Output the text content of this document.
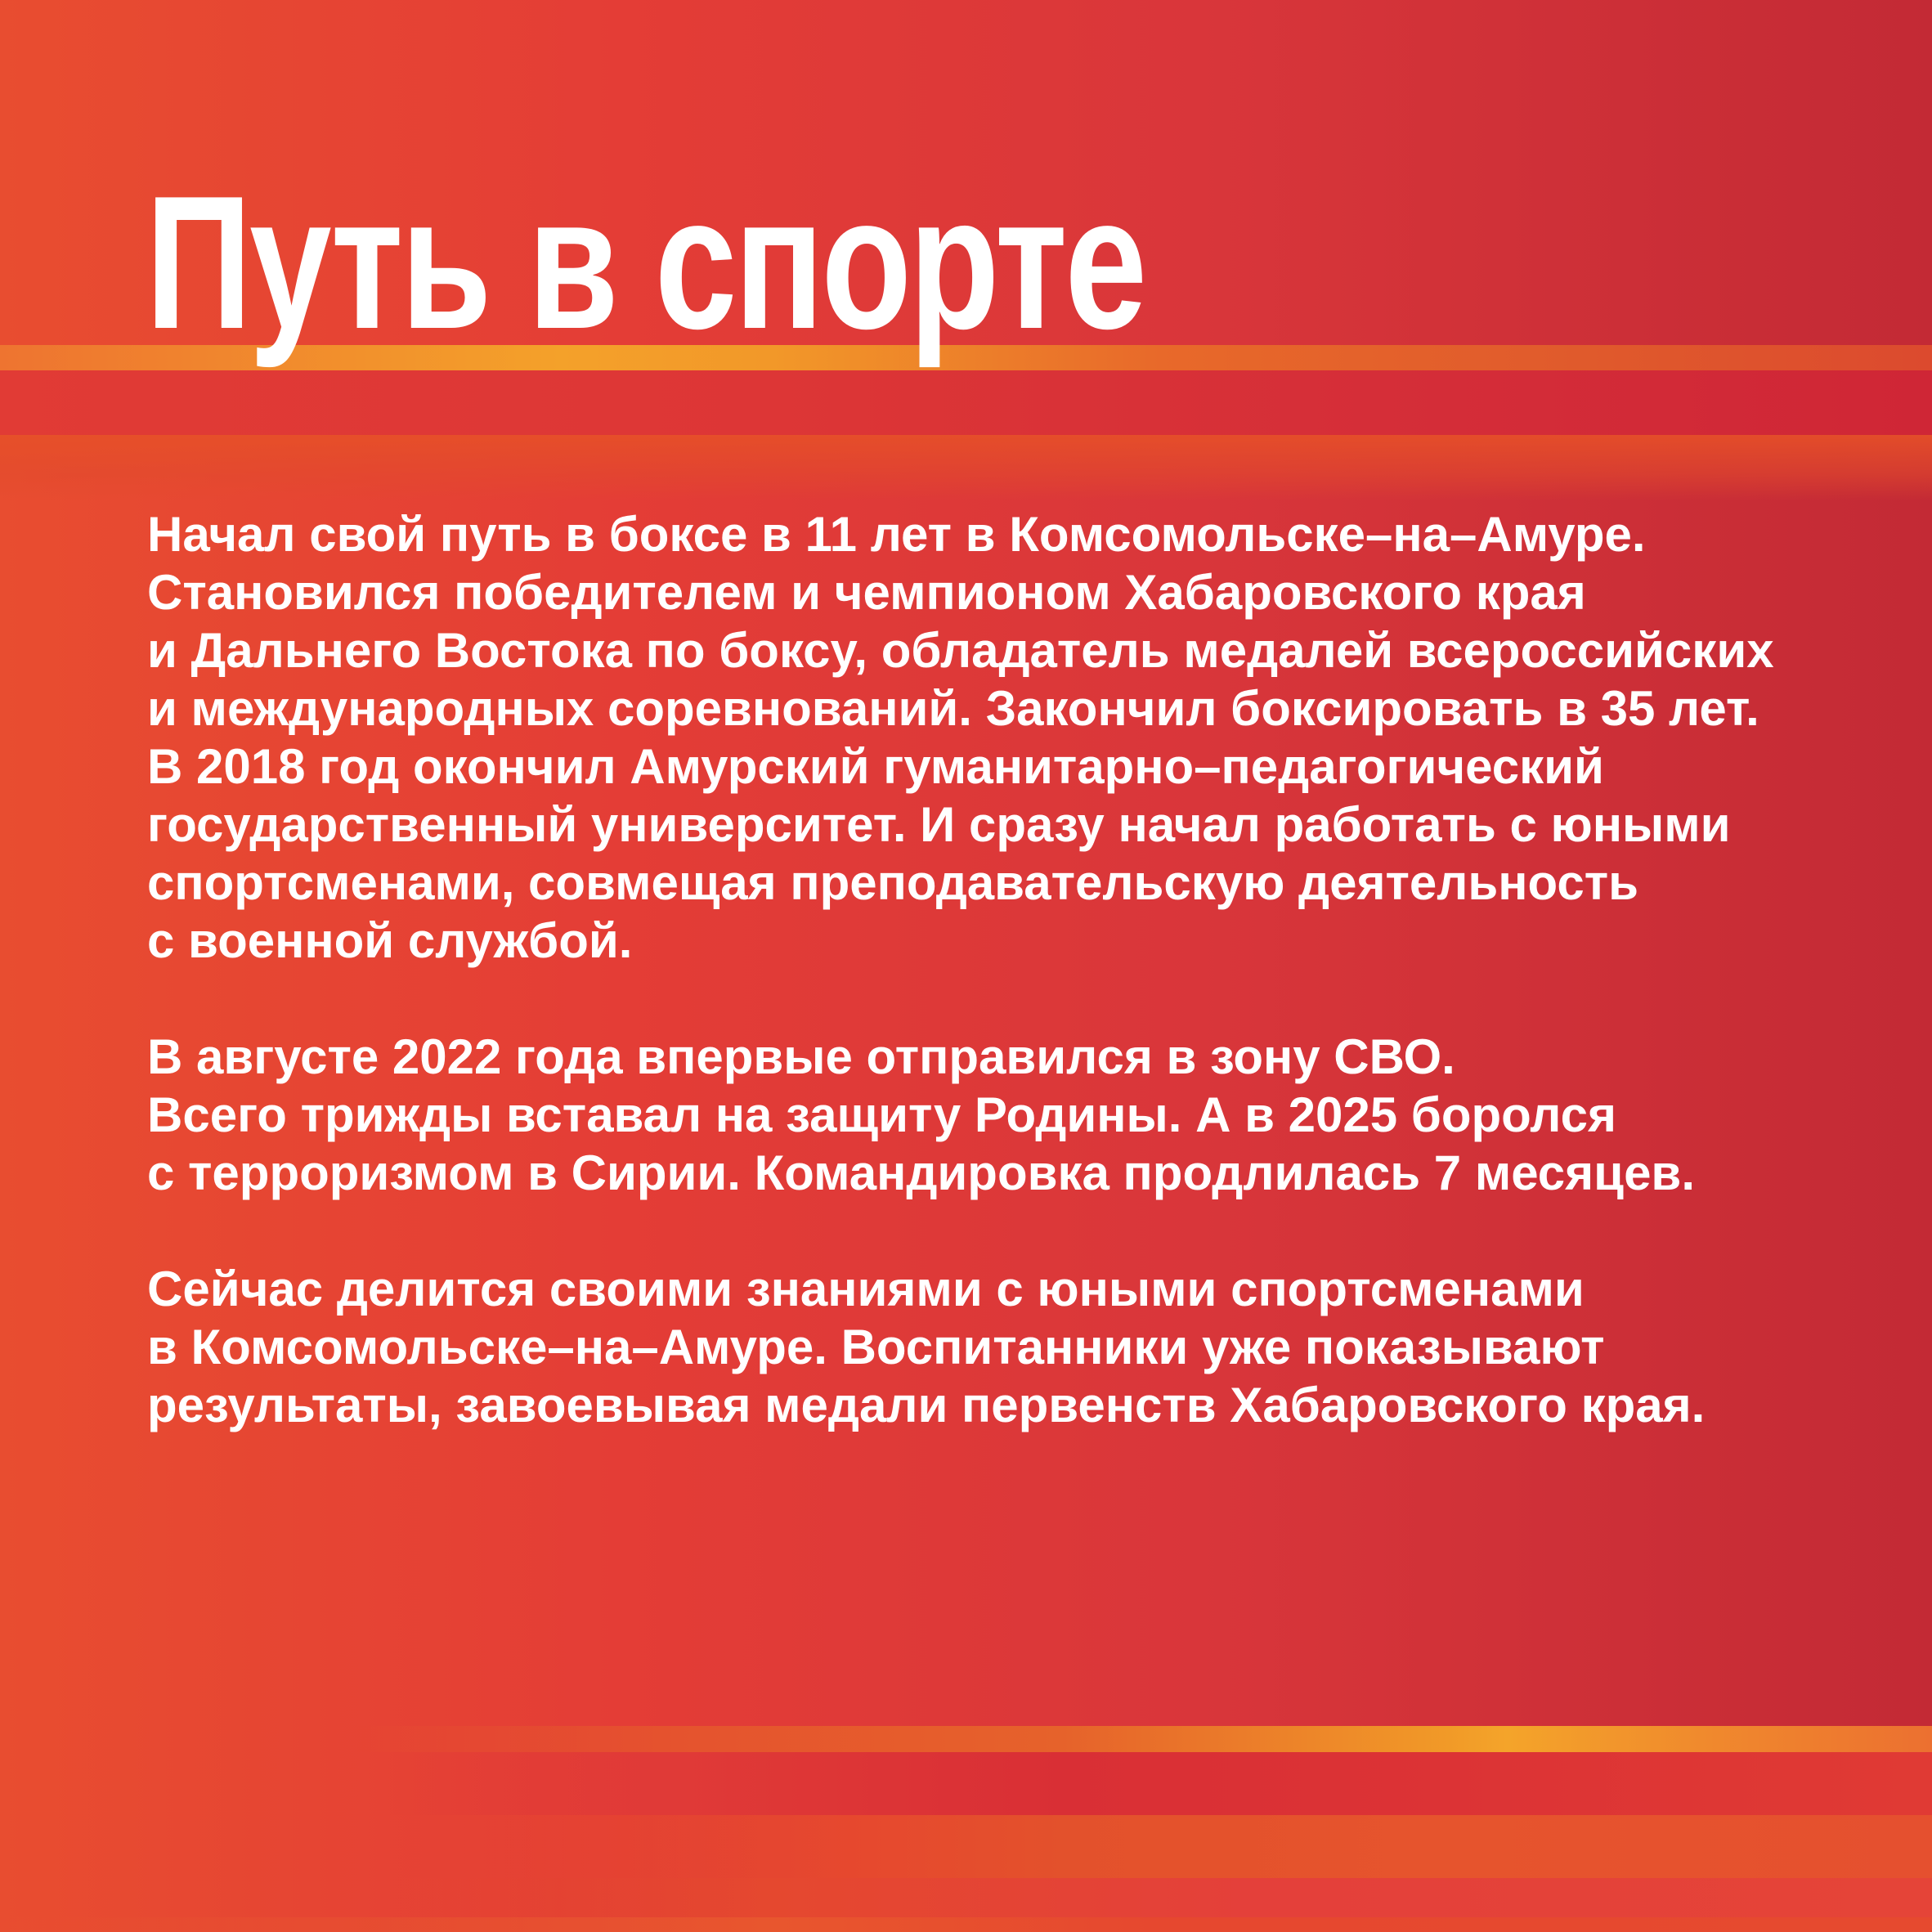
Путь в спорте

Начал свой путь в боксе в 11 лет в Комсомольске–на–Амуре.
Становился победителем и чемпионом Хабаровского края
и Дальнего Востока по боксу, обладатель медалей всероссийских
и международных соревнований. Закончил боксировать в 35 лет.
В 2018 год окончил Амурский гуманитарно–педагогический
государственный университет. И сразу начал работать с юными
спортсменами, совмещая преподавательскую деятельность
с военной службой.

В августе 2022 года впервые отправился в зону СВО.
Всего трижды вставал на защиту Родины. А в 2025 боролся
с терроризмом в Сирии. Командировка продлилась 7 месяцев.

Сейчас делится своими знаниями с юными спортсменами
в Комсомольске–на–Амуре. Воспитанники уже показывают
результаты, завоевывая медали первенств Хабаровского края.
